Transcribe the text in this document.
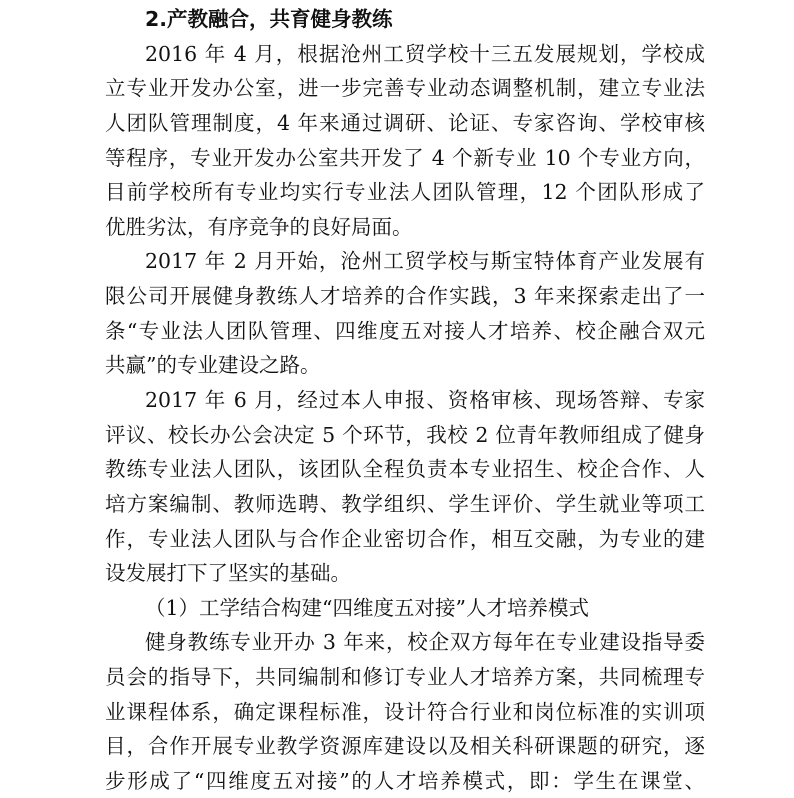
2.产教融合，共育健身教练
2016 年 4 月，根据沧州工贸学校十三五发展规划，学校成
立专业开发办公室，进一步完善专业动态调整机制，建立专业法
人团队管理制度，4 年来通过调研、论证、专家咨询、学校审核
等程序，专业开发办公室共开发了 4 个新专业 10 个专业方向，
目前学校所有专业均实行专业法人团队管理，12 个团队形成了
优胜劣汰，有序竞争的良好局面。
2017 年 2 月开始，沧州工贸学校与斯宝特体育产业发展有
限公司开展健身教练人才培养的合作实践，3 年来探索走出了一
条“专业法人团队管理、四维度五对接人才培养、校企融合双元
共赢”的专业建设之路。
2017 年 6 月，经过本人申报、资格审核、现场答辩、专家
评议、校长办公会决定 5 个环节，我校 2 位青年教师组成了健身
教练专业法人团队，该团队全程负责本专业招生、校企合作、人
培方案编制、教师选聘、教学组织、学生评价、学生就业等项工
作，专业法人团队与合作企业密切合作，相互交融，为专业的建
设发展打下了坚实的基础。
（1）工学结合构建“四维度五对接”人才培养模式
健身教练专业开办 3 年来，校企双方每年在专业建设指导委
员会的指导下，共同编制和修订专业人才培养方案，共同梳理专
业课程体系，确定课程标准，设计符合行业和岗位标准的实训项
目，合作开展专业教学资源库建设以及相关科研课题的研究，逐
步形成了“四维度五对接”的人才培养模式，即：学生在课堂、
